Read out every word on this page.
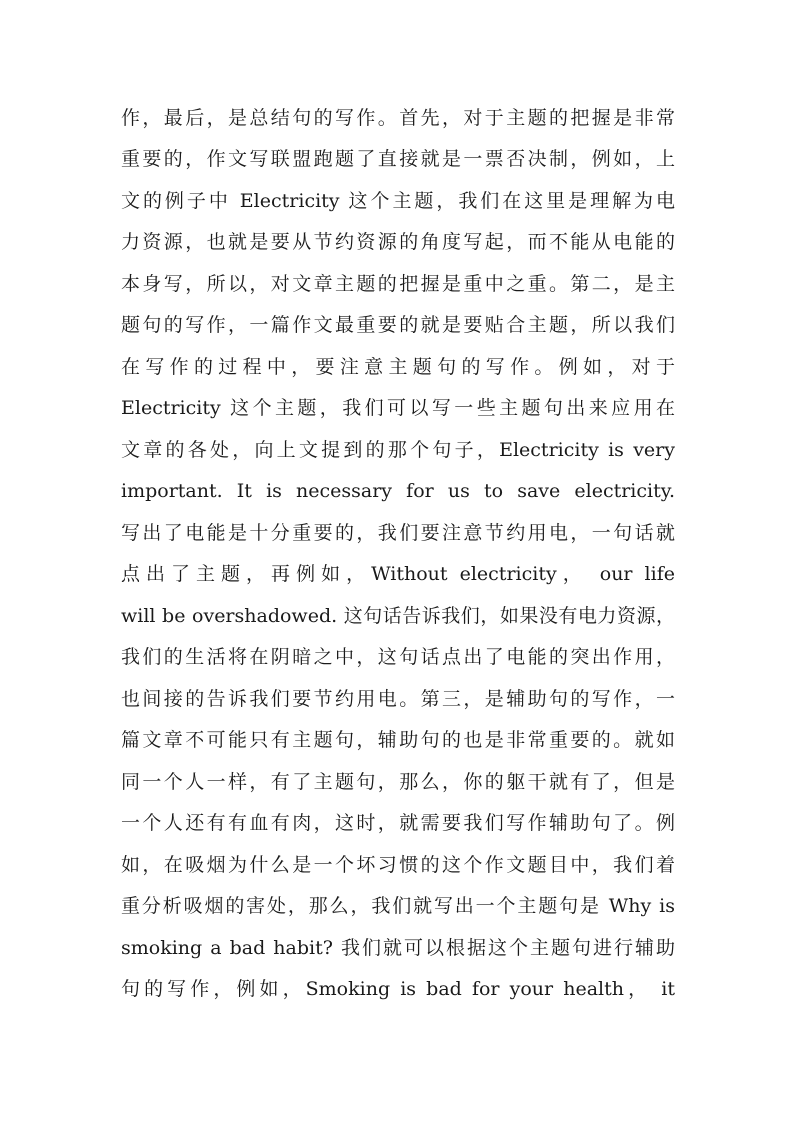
作，最后，是总结句的写作。首先，对于主题的把握是非常
重要的，作文写联盟跑题了直接就是一票否决制，例如，上
文的例子中 Electricity 这个主题，我们在这里是理解为电
力资源，也就是要从节约资源的角度写起，而不能从电能的
本身写，所以，对文章主题的把握是重中之重。第二，是主
题句的写作，一篇作文最重要的就是要贴合主题，所以我们
在写作的过程中，要注意主题句的写作。例如，对于
Electricity 这个主题，我们可以写一些主题句出来应用在
文章的各处，向上文提到的那个句子，Electricity is very
important. It is necessary for us to save electricity.
写出了电能是十分重要的，我们要注意节约用电，一句话就
点出了主题，再例如，Without electricity， our life
will be overshadowed. 这句话告诉我们，如果没有电力资源，
我们的生活将在阴暗之中，这句话点出了电能的突出作用，
也间接的告诉我们要节约用电。第三，是辅助句的写作，一
篇文章不可能只有主题句，辅助句的也是非常重要的。就如
同一个人一样，有了主题句，那么，你的躯干就有了，但是
一个人还有有血有肉，这时，就需要我们写作辅助句了。例
如，在吸烟为什么是一个坏习惯的这个作文题目中，我们着
重分析吸烟的害处，那么，我们就写出一个主题句是 Why is
smoking a bad habit? 我们就可以根据这个主题句进行辅助
句的写作，例如，Smoking is bad for your health， it
